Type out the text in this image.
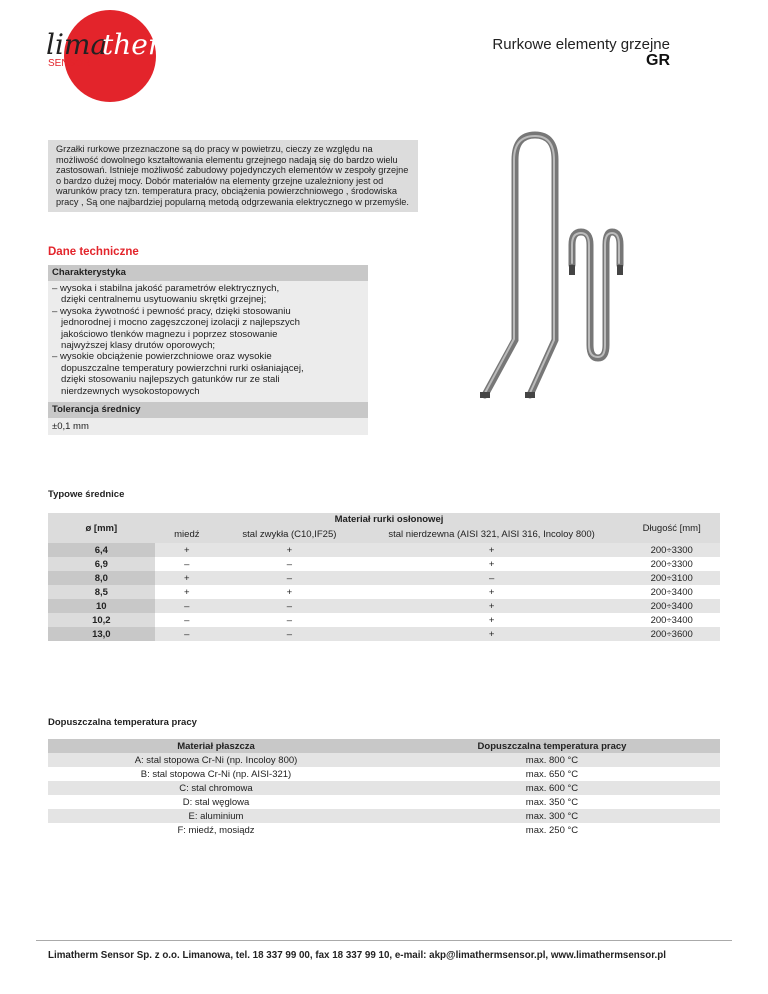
lima
therm
SENSOR
Rurkowe elementy grzejne
GR
Grzałki rurkowe przeznaczone są do pracy w powietrzu, cieczy ze względu na możliwość dowolnego kształtowania elementu grzejnego nadają się do bardzo wielu zastosowań. Istnieje możliwość zabudowy pojedynczych elementów w zespoły grzejne o bardzo dużej mocy. Dobór materiałów na elementy grzejne uzależniony jest od warunków pracy tzn. temperatura pracy, obciążenia powierzchniowego , środowiska pracy , Są one najbardziej popularną metodą odgrzewania elektrycznego w przemyśle.
Dane techniczne
Charakterystyka
– wysoka i stabilna jakość parametrów elektrycznych,
dzięki centralnemu usytuowaniu skrętki grzejnej;
– wysoka żywotność i pewność pracy, dzięki stosowaniu
jednorodnej i mocno zagęszczonej izolacji z najlepszych
jakościowo tlenków magnezu i poprzez stosowanie
najwyższej klasy drutów oporowych;
– wysokie obciążenie powierzchniowe oraz wysokie
dopuszczalne temperatury powierzchni rurki osłaniającej,
dzięki stosowaniu najlepszych gatunków rur ze stali
nierdzewnych wysokostopowych
Tolerancja średnicy
±0,1 mm
Typowe średnice
ø [mm]	Materiał rurki osłonowej			Długość [mm]
	miedź	stal zwykła (C10,IF25)	stal nierdzewna (AISI 321, AISI 316, Incoloy 800)	
6,4	+	+	+	200÷3300
6,9	–	–	+	200÷3300
8,0	+	–	–	200÷3100
8,5	+	+	+	200÷3400
10	–	–	+	200÷3400
10,2	–	–	+	200÷3400
13,0	–	–	+	200÷3600
Dopuszczalna temperatura pracy
Materiał płaszcza	Dopuszczalna temperatura pracy
A: stal stopowa Cr-Ni (np. Incoloy 800)	max. 800 °C
B: stal stopowa Cr-Ni (np. AISI-321)	max. 650 °C
C: stal chromowa	max. 600 °C
D: stal węglowa	max. 350 °C
E: aluminium	max. 300 °C
F: miedź, mosiądz	max. 250 °C
Limatherm Sensor Sp. z o.o. Limanowa, tel. 18 337 99 00, fax 18 337 99 10, e-mail: akp@limathermsensor.pl, www.limathermsensor.pl
